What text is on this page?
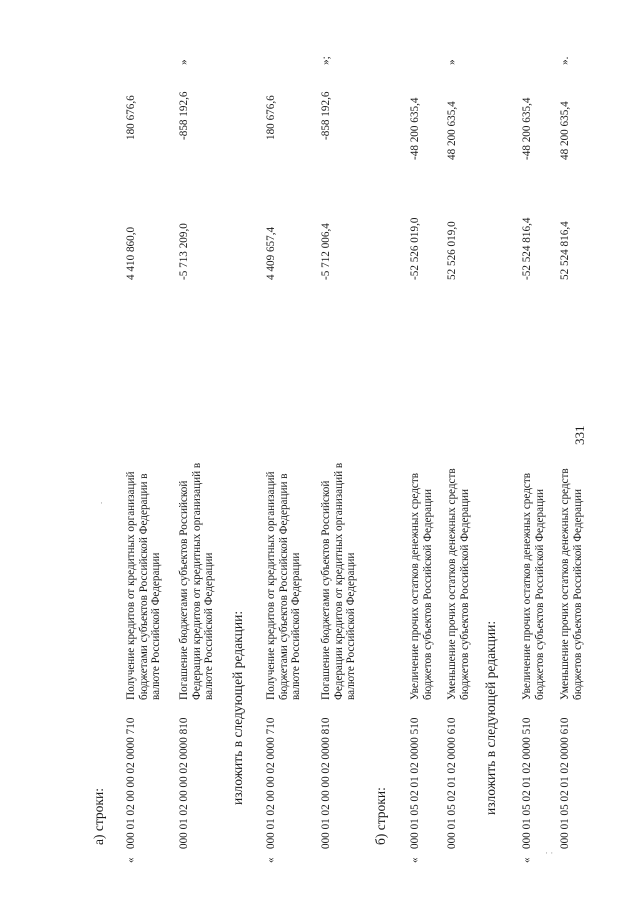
331
а) строки:
«
000 01 02 00 00 02 0000 710
Получение кредитов от кредитных организаций бюджетами субъектов Российской Федерации в валюте Российской Федерации
4 410 860,0
180 676,6
000 01 02 00 00 02 0000 810
Погашение бюджетами субъектов Российской Федерации кредитов от кредитных организаций в валюте Российской Федерации
-5 713 209,0
-858 192,6
»
изложить в следующей редакции:
«
000 01 02 00 00 02 0000 710
Получение кредитов от кредитных организаций бюджетами субъектов Российской Федерации в валюте Российской Федерации
4 409 657,4
180 676,6
000 01 02 00 00 02 0000 810
Погашение бюджетами субъектов Российской Федерации кредитов от кредитных организаций в валюте Российской Федерации
-5 712 006,4
-858 192,6
»;
б) строки:
«
000 01 05 02 01 02 0000 510
Увеличение прочих остатков денежных средств бюджетов субъектов Российской Федерации
-52 526 019,0
-48 200 635,4
000 01 05 02 01 02 0000 610
Уменьшение прочих остатков денежных средств бюджетов субъектов Российской Федерации
52 526 019,0
48 200 635,4
»
изложить в следующей редакции:
«
000 01 05 02 01 02 0000 510
Увеличение прочих остатков денежных средств бюджетов субъектов Российской Федерации
-52 524 816,4
-48 200 635,4
000 01 05 02 01 02 0000 610
Уменьшение прочих остатков денежных средств бюджетов субъектов Российской Федерации
52 524 816,4
48 200 635,4
».
·
· ·
